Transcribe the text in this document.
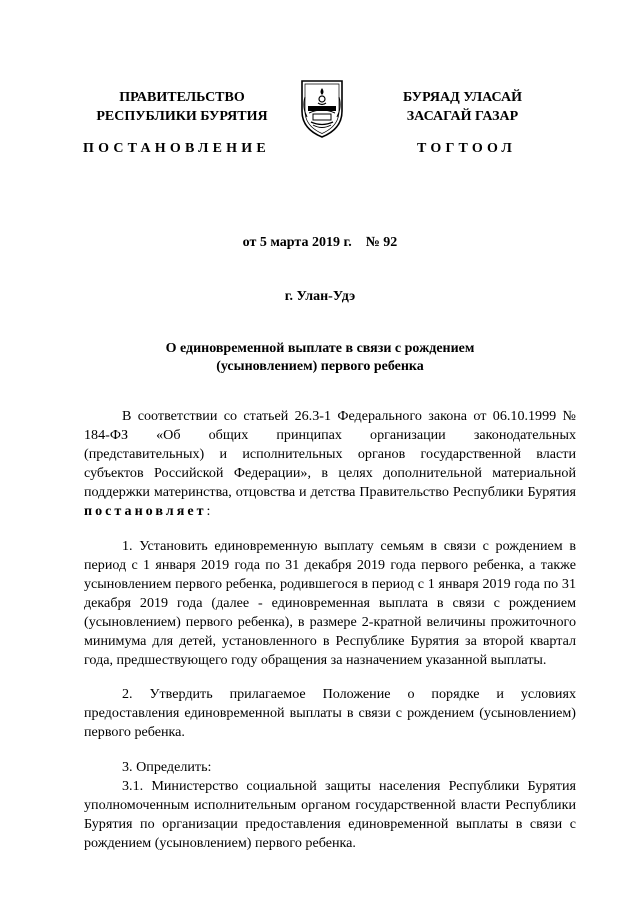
ПРАВИТЕЛЬСТВО
РЕСПУБЛИКИ БУРЯТИЯ
БУРЯАД УЛАСАЙ
ЗАСАГАЙ ГАЗАР
ПОСТАНОВЛЕНИЕ	ТОГТООЛ
от 5 марта 2019 г.    № 92
г. Улан-Удэ
О единовременной выплате в связи с рождением
(усыновлением) первого ребенка

В соответствии со статьей 26.3-1 Федерального закона от 06.10.1999 № 184-ФЗ «Об общих принципах организации законодательных (представительных) и исполнительных органов государственной власти субъектов Российской Федерации», в целях дополнительной материальной поддержки материнства, отцовства и детства Правительство Республики Бурятия постановляет:

1. Установить единовременную выплату семьям в связи с рождением в период с 1 января 2019 года по 31 декабря 2019 года первого ребенка, а также усыновлением первого ребенка, родившегося в период с 1 января 2019 года по 31 декабря 2019 года (далее - единовременная выплата в связи с рождением (усыновлением) первого ребенка), в размере 2-кратной величины прожиточного минимума для детей, установленного в Республике Бурятия за второй квартал года, предшествующего году обращения за назначением указанной выплаты.

2. Утвердить прилагаемое Положение о порядке и условиях предоставления единовременной выплаты в связи с рождением (усыновлением) первого ребенка.

3. Определить:

3.1. Министерство социальной защиты населения Республики Бурятия уполномоченным исполнительным органом государственной власти Республики Бурятия по организации предоставления единовременной выплаты в связи с рождением (усыновлением) первого ребенка.
